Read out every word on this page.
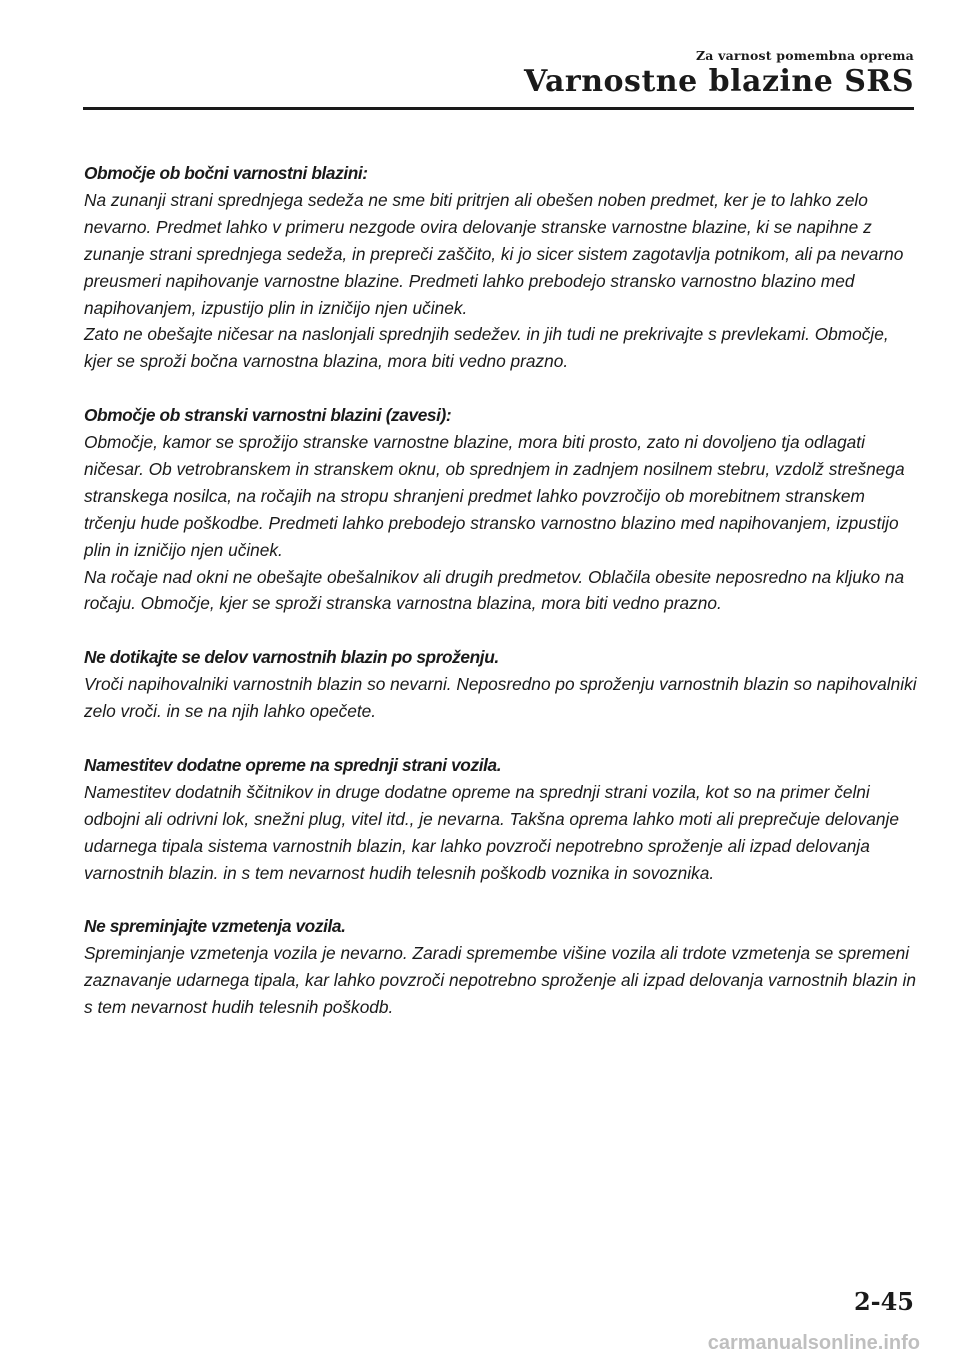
Za varnost pomembna oprema
Varnostne blazine SRS
Območje ob bočni varnostni blazini:

Na zunanji strani sprednjega sedeža ne sme biti pritrjen ali obešen noben predmet, ker je to lahko zelo nevarno. Predmet lahko v primeru nezgode ovira delovanje stranske varnostne blazine, ki se napihne z zunanje strani sprednjega sedeža, in prepreči zaščito, ki jo sicer sistem zagotavlja potnikom, ali pa nevarno preusmeri napihovanje varnostne blazine. Predmeti lahko prebodejo stransko varnostno blazino med napihovanjem, izpustijo plin in izničijo njen učinek.

Zato ne obešajte ničesar na naslonjali sprednjih sedežev. in jih tudi ne prekrivajte s prevlekami. Območje, kjer se sproži bočna varnostna blazina, mora biti vedno prazno.

Območje ob stranski varnostni blazini (zavesi):

Območje, kamor se sprožijo stranske varnostne blazine, mora biti prosto, zato ni dovoljeno tja odlagati ničesar. Ob vetrobranskem in stranskem oknu, ob sprednjem in zadnjem nosilnem stebru, vzdolž strešnega stranskega nosilca, na ročajih na stropu shranjeni predmet lahko povzročijo ob morebitnem stranskem trčenju hude poškodbe. Predmeti lahko prebodejo stransko varnostno blazino med napihovanjem, izpustijo plin in izničijo njen učinek.

Na ročaje nad okni ne obešajte obešalnikov ali drugih predmetov. Oblačila obesite neposredno na kljuko na ročaju. Območje, kjer se sproži stranska varnostna blazina, mora biti vedno prazno.

Ne dotikajte se delov varnostnih blazin po sproženju.

Vroči napihovalniki varnostnih blazin so nevarni. Neposredno po sproženju varnostnih blazin so napihovalniki zelo vroči. in se na njih lahko opečete.

Namestitev dodatne opreme na sprednji strani vozila.

Namestitev dodatnih ščitnikov in druge dodatne opreme na sprednji strani vozila, kot so na primer čelni odbojni ali odrivni lok, snežni plug, vitel itd., je nevarna. Takšna oprema lahko moti ali preprečuje delovanje udarnega tipala sistema varnostnih blazin, kar lahko povzroči nepotrebno sproženje ali izpad delovanja varnostnih blazin. in s tem nevarnost hudih telesnih poškodb voznika in sovoznika.

Ne spreminjajte vzmetenja vozila.

Spreminjanje vzmetenja vozila je nevarno. Zaradi spremembe višine vozila ali trdote vzmetenja se spremeni zaznavanje udarnega tipala, kar lahko povzroči nepotrebno sproženje ali izpad delovanja varnostnih blazin in s tem nevarnost hudih telesnih poškodb.

2-45
carmanualsonline.info
